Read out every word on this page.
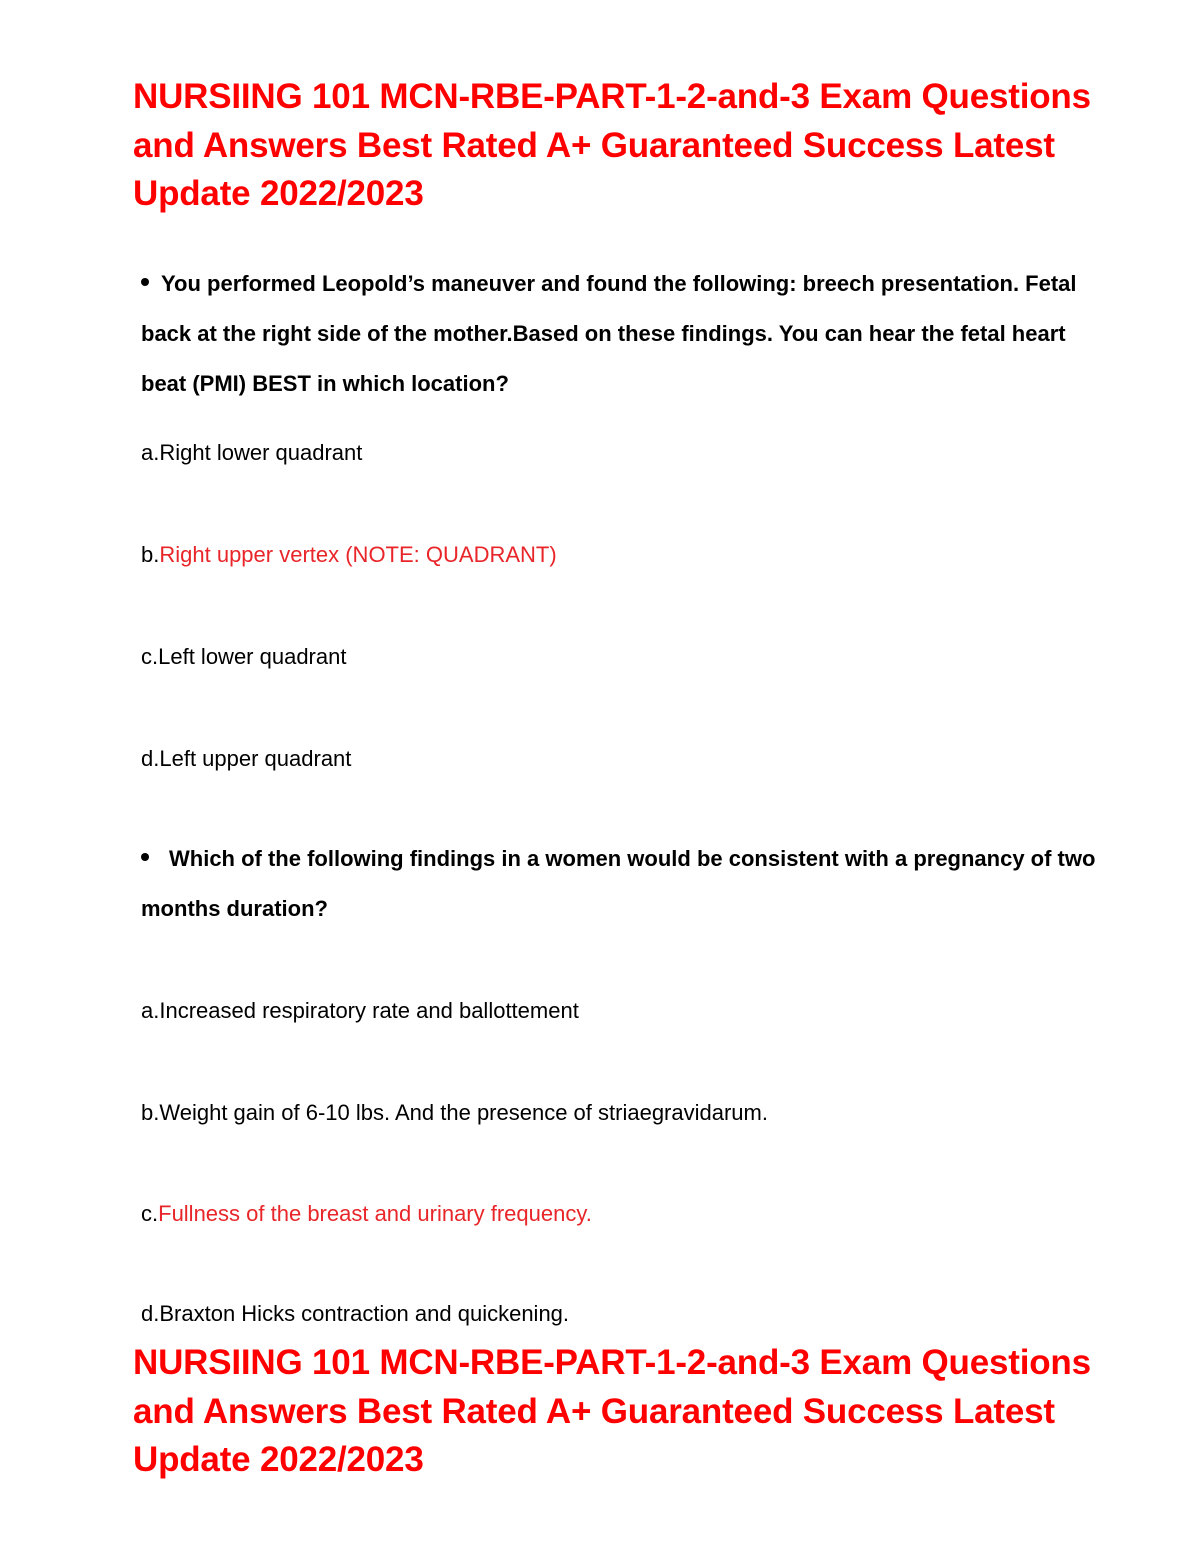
NURSIING 101 MCN-RBE-PART-1-2-and-3 Exam Questions and Answers Best Rated A+ Guaranteed Success Latest Update 2022/2023
You performed Leopold’s maneuver and found the following: breech presentation. Fetal back at the right side of the mother.Based on these findings. You can hear the fetal heart beat (PMI) BEST in which location?
a.Right lower quadrant
b.Right upper vertex (NOTE: QUADRANT)
c.Left lower quadrant
d.Left upper quadrant
Which of the following findings in a women would be consistent with a pregnancy of two months duration?
a.Increased respiratory rate and ballottement
b.Weight gain of 6-10 lbs. And the presence of striaegravidarum.
c.Fullness of the breast and urinary frequency.
d.Braxton Hicks contraction and quickening.
NURSIING 101 MCN-RBE-PART-1-2-and-3 Exam Questions and Answers Best Rated A+ Guaranteed Success Latest Update 2022/2023
